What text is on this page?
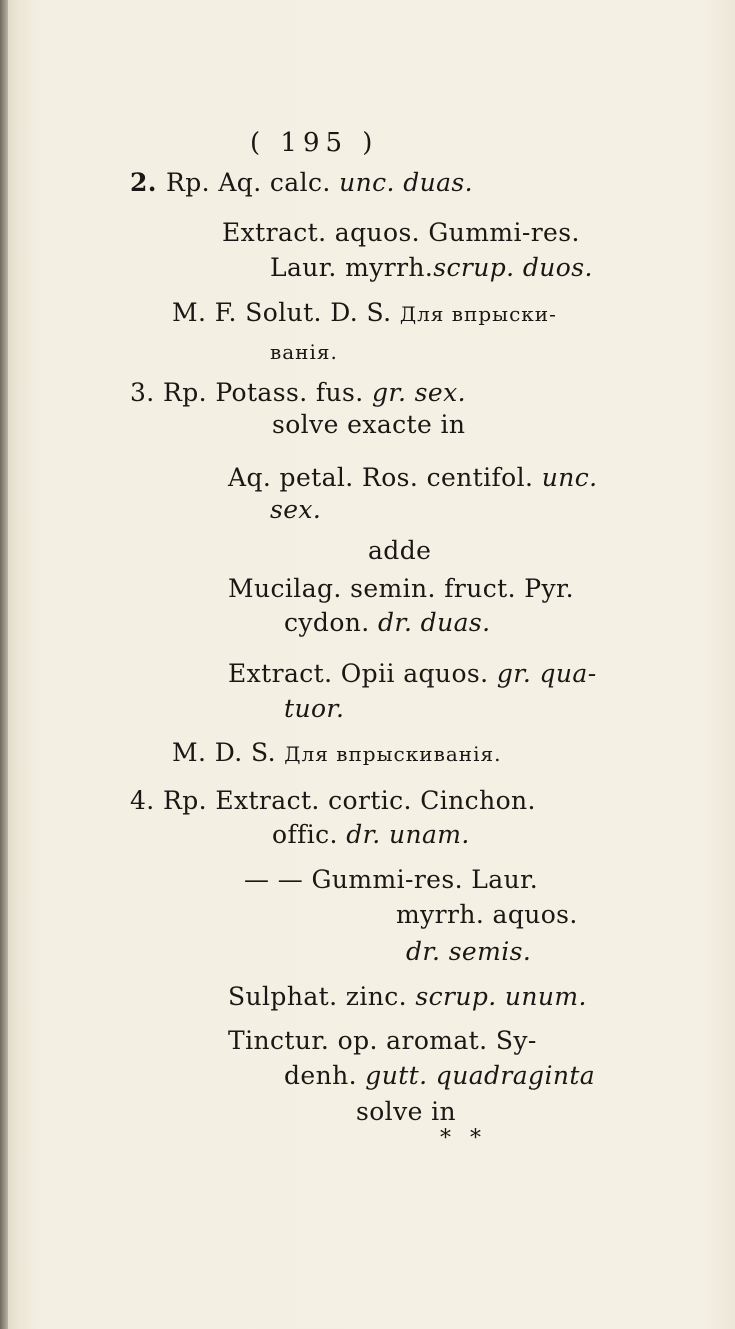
( 195 )
2. Rp. Aq. calc. unc. duas.
Extract. aquos. Gummi-res.
Laur. myrrh.scrup. duos.
M. F. Solut. D. S. Для впрыски-
ванія.
3. Rp. Potass. fus. gr. sex.
solve exacte in
Aq. petal. Ros. centifol. unc.
sex.
adde
Mucilag. semin. fruct. Pyr.
cydon. dr. duas.
Extract. Opii aquos. gr. qua-
tuor.
M. D. S. Для впрыскиванія.
4. Rp. Extract. cortic. Cinchon.
offic. dr. unam.
— — Gummi-res. Laur.
myrrh. aquos.
dr. semis.
Sulphat. zinc. scrup. unum.
Tinctur. op. aromat. Sy-
denh. gutt. quadraginta
solve in
* *
